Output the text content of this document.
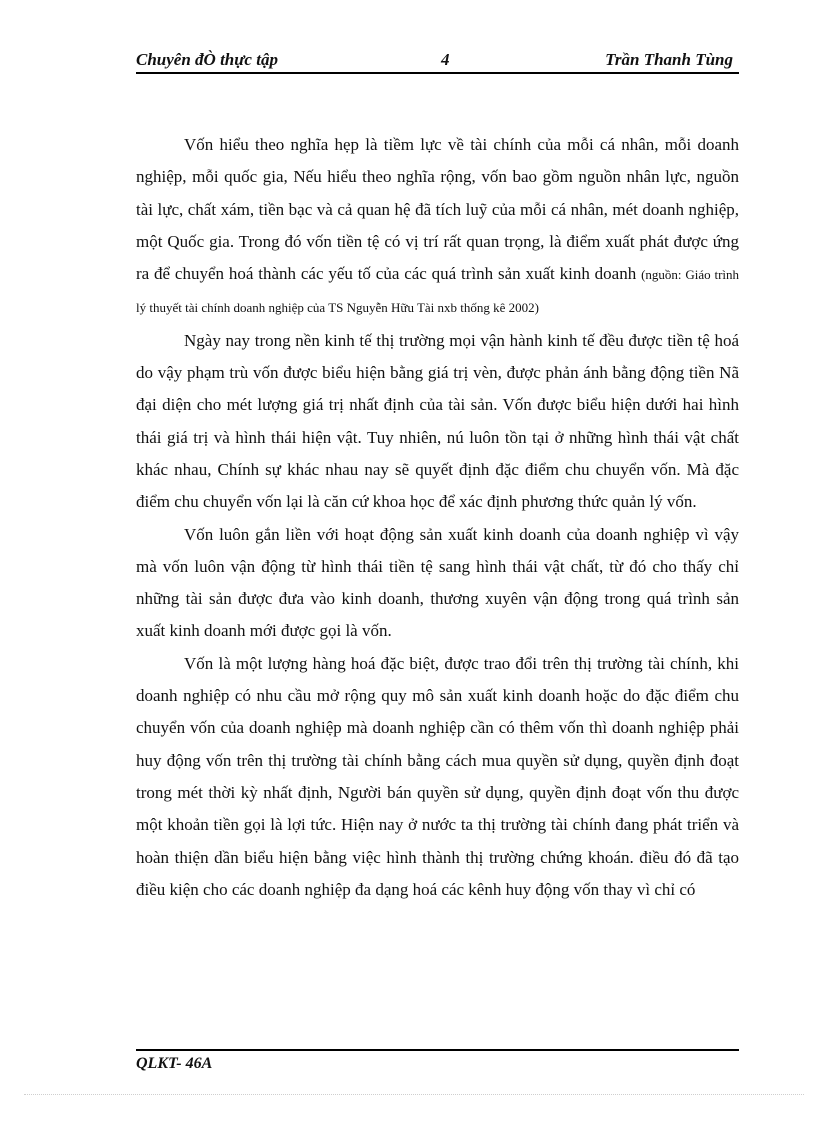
Chuyên đÒ thực tập	4	Trần Thanh Tùng

Vốn hiểu theo nghĩa hẹp là tiềm lực về tài chính của mỗi cá nhân, mỗi doanh nghiệp, mỗi quốc gia, Nếu hiểu theo nghĩa rộng, vốn bao gồm nguồn nhân lực, nguồn tài lực, chất xám, tiền bạc và cả quan hệ đã tích luỹ của mỗi cá nhân, mét doanh nghiệp, một Quốc gia. Trong đó vốn tiền tệ có vị trí rất quan trọng, là điểm xuất phát được ứng ra để chuyển hoá thành các yếu tố của các quá trình sản xuất kinh doanh (nguồn: Giáo trình lý thuyết tài chính doanh nghiệp của TS Nguyễn Hữu Tài nxb thống kê 2002)

Ngày nay trong nền kinh tế thị trường mọi vận hành kinh tế đều được tiền tệ hoá do vậy phạm trù vốn được biểu hiện bằng giá trị vèn, được phản ánh bằng động tiền Nã đại diện cho mét lượng giá trị nhất định của tài sản. Vốn được biểu hiện dưới hai hình thái giá trị và hình thái hiện vật. Tuy nhiên, nú luôn tồn tại ở những hình thái vật chất khác nhau, Chính sự khác nhau nay sẽ quyết định đặc điểm chu chuyển vốn. Mà đặc điểm chu chuyển vốn lại là căn cứ khoa học để xác định phương thức quản lý vốn.

Vốn luôn gắn liền với hoạt động sản xuất kinh doanh của doanh nghiệp vì vậy mà vốn luôn vận động từ hình thái tiền tệ sang hình thái vật chất, từ đó cho thấy chỉ những tài sản được đưa vào kinh doanh, thương xuyên vận động trong quá trình sản xuất kinh doanh mới được gọi là vốn.

Vốn là một lượng hàng hoá đặc biệt, được trao đổi trên thị trường tài chính, khi doanh nghiệp có nhu cầu mở rộng quy mô sản xuất kinh doanh hoặc do đặc điểm chu chuyển vốn của doanh nghiệp mà doanh nghiệp cần có thêm vốn thì doanh nghiệp phải huy động vốn trên thị trường tài chính bằng cách mua quyền sử dụng, quyền định đoạt trong mét thời kỳ nhất định, Người bán quyền sử dụng, quyền định đoạt vốn thu được một khoản tiền gọi là lợi tức. Hiện nay ở nước ta thị trường tài chính đang phát triển và hoàn thiện dần biểu hiện bằng việc hình thành thị trường chứng khoán. điều đó đã tạo điều kiện cho các doanh nghiệp đa dạng hoá các kênh huy động vốn thay vì chỉ có

QLKT- 46A
